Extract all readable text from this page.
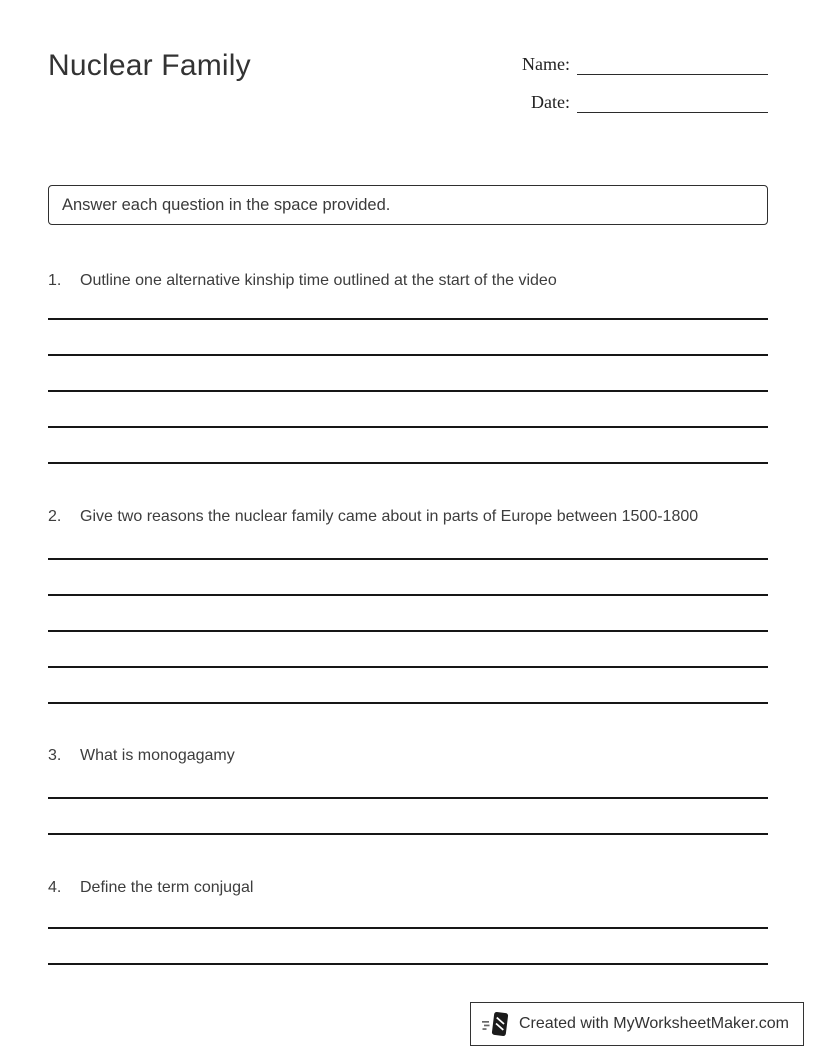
Nuclear Family	Name:
Date:
Answer each question in the space provided.
1.	Outline one alternative kinship time outlined at the start of the video
2.	Give two reasons the nuclear family came about in parts of Europe between 1500-1800
3.	What is monogagamy
4.	Define the term conjugal
Created with MyWorksheetMaker.com
